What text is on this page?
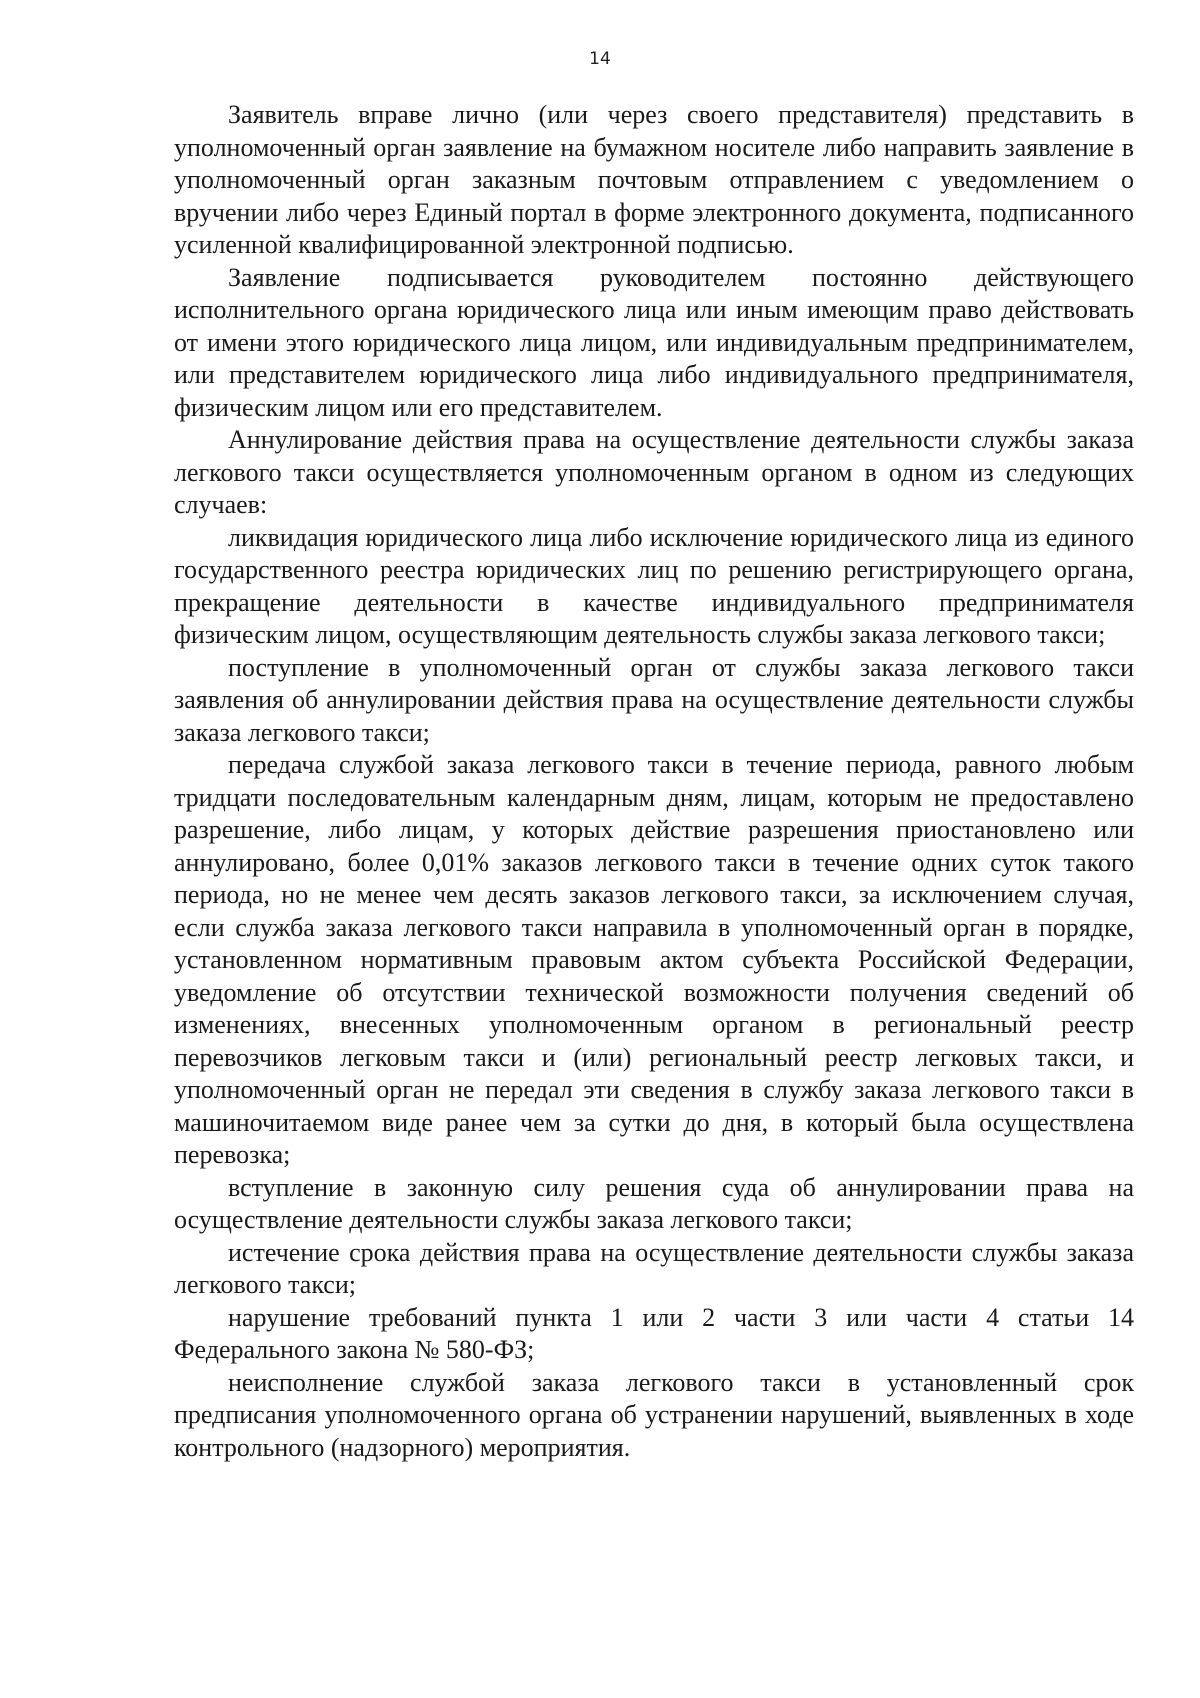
14

Заявитель вправе лично (или через своего представителя) представить в уполномоченный орган заявление на бумажном носителе либо направить заявление в уполномоченный орган заказным почтовым отправлением с уведомлением о вручении либо через Единый портал в форме электронного документа, подписанного усиленной квалифицированной электронной подписью.

Заявление подписывается руководителем постоянно действующего исполнительного органа юридического лица или иным имеющим право действовать от имени этого юридического лица лицом, или индивидуальным предпринимателем, или представителем юридического лица либо индивидуального предпринимателя, физическим лицом или его представителем.

Аннулирование действия права на осуществление деятельности службы заказа легкового такси осуществляется уполномоченным органом в одном из следующих случаев:

ликвидация юридического лица либо исключение юридического лица из единого государственного реестра юридических лиц по решению регистрирующего органа, прекращение деятельности в качестве индивидуального предпринимателя физическим лицом, осуществляющим деятельность службы заказа легкового такси;

поступление в уполномоченный орган от службы заказа легкового такси заявления об аннулировании действия права на осуществление деятельности службы заказа легкового такси;

передача службой заказа легкового такси в течение периода, равного любым тридцати последовательным календарным дням, лицам, которым не предоставлено разрешение, либо лицам, у которых действие разрешения приостановлено или аннулировано, более 0,01% заказов легкового такси в течение одних суток такого периода, но не менее чем десять заказов легкового такси, за исключением случая, если служба заказа легкового такси направила в уполномоченный орган в порядке, установленном нормативным правовым актом субъекта Российской Федерации, уведомление об отсутствии технической возможности получения сведений об изменениях, внесенных уполномоченным органом в региональный реестр перевозчиков легковым такси и (или) региональный реестр легковых такси, и уполномоченный орган не передал эти сведения в службу заказа легкового такси в машиночитаемом виде ранее чем за сутки до дня, в который была осуществлена перевозка;

вступление в законную силу решения суда об аннулировании права на осуществление деятельности службы заказа легкового такси;

истечение срока действия права на осуществление деятельности службы заказа легкового такси;

нарушение требований пункта 1 или 2 части 3 или части 4 статьи 14 Федерального закона № 580-ФЗ;

неисполнение службой заказа легкового такси в установленный срок предписания уполномоченного органа об устранении нарушений, выявленных в ходе контрольного (надзорного) мероприятия.
